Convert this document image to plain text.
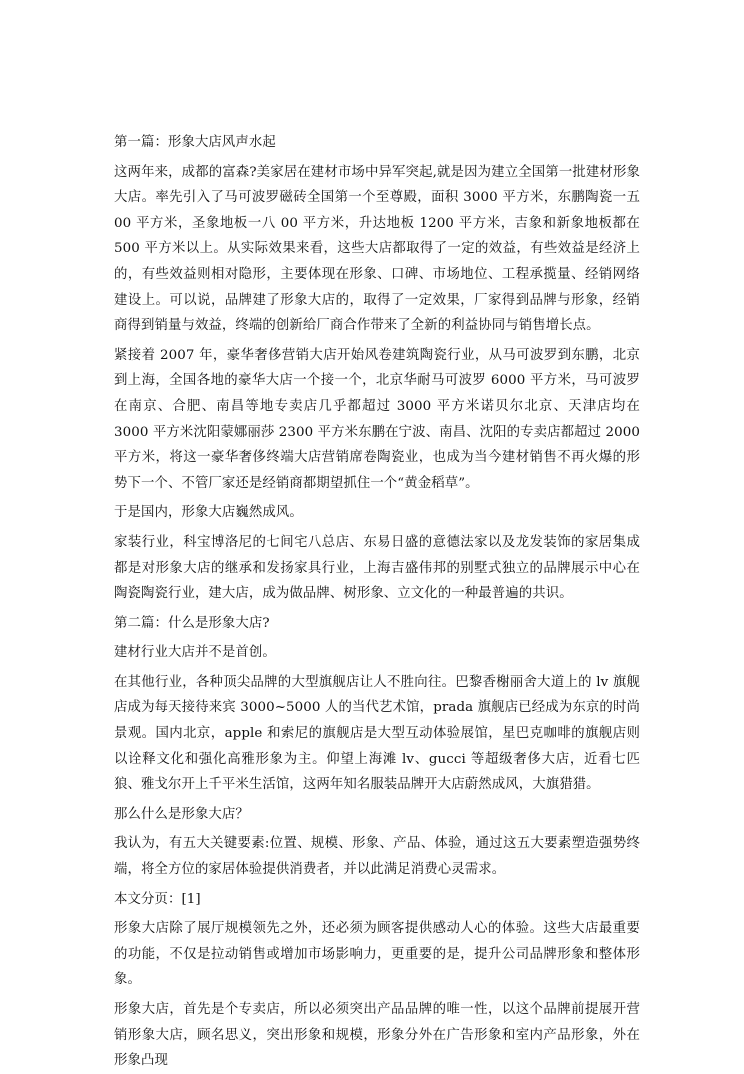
第一篇：形象大店风声水起

这两年来，成都的富森?美家居在建材市场中异军突起,就是因为建立全国第一批建材形象大店。率先引入了马可波罗磁砖全国第一个至尊殿，面积 3000 平方米，东鹏陶瓷一五 00 平方米，圣象地板一八 00 平方米，升达地板 1200 平方米，吉象和新象地板都在 500 平方米以上。从实际效果来看，这些大店都取得了一定的效益，有些效益是经济上的，有些效益则相对隐形，主要体现在形象、口碑、市场地位、工程承揽量、经销网络建设上。可以说，品牌建了形象大店的，取得了一定效果，厂家得到品牌与形象，经销商得到销量与效益，终端的创新给厂商合作带来了全新的利益协同与销售增长点。

紧接着 2007 年，豪华奢侈营销大店开始风卷建筑陶瓷行业，从马可波罗到东鹏，北京到上海，全国各地的豪华大店一个接一个，北京华耐马可波罗 6000 平方米，马可波罗在南京、合肥、南昌等地专卖店几乎都超过 3000 平方米诺贝尔北京、天津店均在 3000 平方米沈阳蒙娜丽莎 2300 平方米东鹏在宁波、南昌、沈阳的专卖店都超过 2000 平方米，将这一豪华奢侈终端大店营销席卷陶瓷业，也成为当今建材销售不再火爆的形势下一个、不管厂家还是经销商都期望抓住一个“黄金稻草”。

于是国内，形象大店巍然成风。

家装行业，科宝博洛尼的七间宅八总店、东易日盛的意德法家以及龙发装饰的家居集成都是对形象大店的继承和发扬家具行业，上海吉盛伟邦的别墅式独立的品牌展示中心在陶瓷陶瓷行业，建大店，成为做品牌、树形象、立文化的一种最普遍的共识。

第二篇：什么是形象大店?

建材行业大店并不是首创。

在其他行业，各种顶尖品牌的大型旗舰店让人不胜向往。巴黎香榭丽舍大道上的 lv 旗舰店成为每天接待来宾 3000~5000 人的当代艺术馆，prada 旗舰店已经成为东京的时尚景观。国内北京，apple 和索尼的旗舰店是大型互动体验展馆，星巴克咖啡的旗舰店则以诠释文化和强化高雅形象为主。仰望上海滩 lv、gucci 等超级奢侈大店，近看七匹狼、雅戈尔开上千平米生活馆，这两年知名服装品牌开大店蔚然成风，大旗猎猎。

那么什么是形象大店？

我认为，有五大关键要素:位置、规模、形象、产品、体验，通过这五大要素塑造强势终端，将全方位的家居体验提供消费者，并以此满足消费心灵需求。

本文分页：[1]

形象大店除了展厅规模领先之外，还必须为顾客提供感动人心的体验。这些大店最重要的功能，不仅是拉动销售或增加市场影响力，更重要的是，提升公司品牌形象和整体形象。

形象大店，首先是个专卖店，所以必须突出产品品牌的唯一性，以这个品牌前提展开营销形象大店，顾名思义，突出形象和规模，形象分外在广告形象和室内产品形象，外在形象凸现
